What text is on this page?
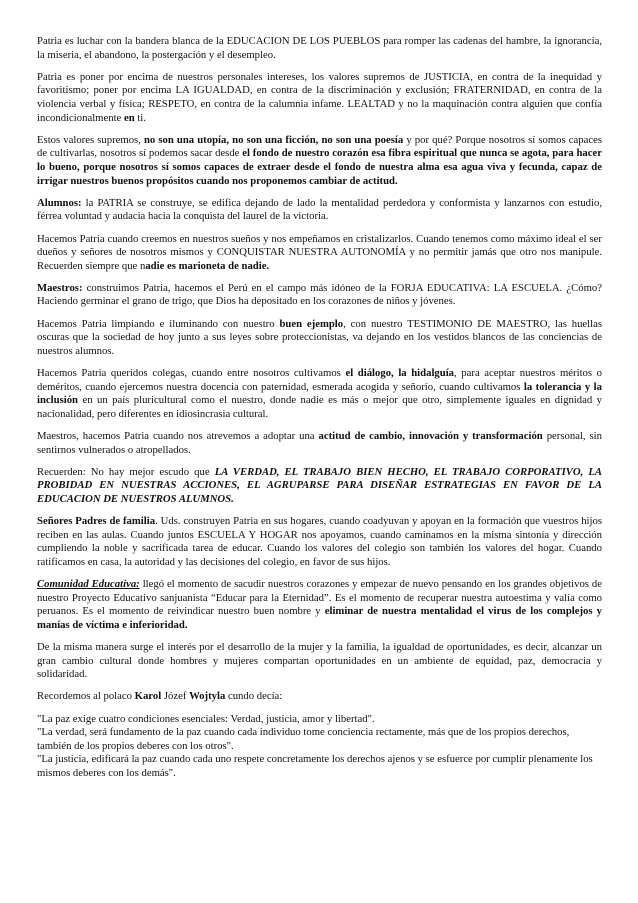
Patria es luchar con la bandera blanca de la EDUCACION DE LOS PUEBLOS para romper las cadenas del hambre, la ignorancia, la miseria, el abandono, la postergación y el desempleo.

Patria es poner por encima de nuestros personales intereses, los valores supremos de JUSTICIA, en contra de la inequidad y favoritismo; poner por encima LA IGUALDAD, en contra de la discriminación y exclusión; FRATERNIDAD, en contra de la violencia verbal y física; RESPETO, en contra de la calumnia infame. LEALTAD y no la maquinación contra alguien que confía incondicionalmente en ti.

Estos valores supremos, no son una utopía, no son una ficción, no son una poesía y por qué? Porque nosotros sí somos capaces de cultivarlas, nosotros sí podemos sacar desde el fondo de nuestro corazón esa fibra espiritual que nunca se agota, para hacer lo bueno, porque nosotros sí somos capaces de extraer desde el fondo de nuestra alma esa agua viva y fecunda, capaz de irrigar nuestros buenos propósitos cuando nos proponemos cambiar de actitud.

Alumnos: la PATRIA se construye, se edifica dejando de lado la mentalidad perdedora y conformista y lanzarnos con estudio, férrea voluntad y audacia hacia la conquista del laurel de la victoria.

Hacemos Patria cuando creemos en nuestros sueños y nos empeñamos en cristalizarlos. Cuando tenemos como máximo ideal el ser dueños y señores de nosotros mismos y CONQUISTAR NUESTRA AUTONOMÍA y no permitir jamás que otro nos manipule. Recuerden siempre que nadie es marioneta de nadie.

Maestros: construimos Patria, hacemos el Perú en el campo más idóneo de la FORJA EDUCATIVA: LA ESCUELA. ¿Cómo? Haciendo germinar el grano de trigo, que Dios ha depositado en los corazones de niños y jóvenes.

Hacemos Patria limpiando e iluminando con nuestro buen ejemplo, con nuestro TESTIMONIO DE MAESTRO, las huellas oscuras que la sociedad de hoy junto a sus leyes sobre proteccionistas, va dejando en los vestidos blancos de las conciencias de nuestros alumnos.

Hacemos Patria queridos colegas, cuando entre nosotros cultivamos el diálogo, la hidalguía, para aceptar nuestros méritos o deméritos, cuando ejercemos nuestra docencia con paternidad, esmerada acogida y señorío, cuando cultivamos la tolerancia y la inclusión en un país pluricultural como el nuestro, donde nadie es más o mejor que otro, simplemente iguales en dignidad y nacionalidad, pero diferentes en idiosincrasia cultural.

Maestros, hacemos Patria cuando nos atrevemos a adoptar una actitud de cambio, innovación y transformación personal, sin sentirnos vulnerados o atropellados.

Recuerden: No hay mejor escudo que LA VERDAD, EL TRABAJO BIEN HECHO, EL TRABAJO CORPORATIVO, LA PROBIDAD EN NUESTRAS ACCIONES, EL AGRUPARSE PARA DISEÑAR ESTRATEGIAS EN FAVOR DE LA EDUCACION DE NUESTROS ALUMNOS.

Señores Padres de familia. Uds. construyen Patria en sus hogares, cuando coadyuvan y apoyan en la formación que vuestros hijos reciben en las aulas. Cuando juntos ESCUELA Y HOGAR nos apoyamos, cuando caminamos en la misma sintonía y dirección cumpliendo la noble y sacrificada tarea de educar. Cuando los valores del colegio son también los valores del hogar. Cuando ratificamos en casa, la autoridad y las decisiones del colegio, en favor de sus hijos.

Comunidad Educativa: llegó el momento de sacudir nuestros corazones y empezar de nuevo pensando en los grandes objetivos de nuestro Proyecto Educativo sanjuanista “Educar para la Eternidad”. Es el momento de recuperar nuestra autoestima y valía como peruanos. Es el momento de reivindicar nuestro buen nombre y eliminar de nuestra mentalidad el virus de los complejos y manías de víctima e inferioridad.

De la misma manera surge el interés por el desarrollo de la mujer y la familia, la igualdad de oportunidades, es decir, alcanzar un gran cambio cultural donde hombres y mujeres compartan oportunidades en un ambiente de equidad, paz, democracia y solidaridad.

Recordemos al polaco Karol Józef Wojtyla cundo decía:

"La paz exige cuatro condiciones esenciales: Verdad, justicia, amor y libertad".

"La verdad, será fundamento de la paz cuando cada individuo tome conciencia rectamente, más que de los propios derechos, también de los propios deberes con los otros".

"La justicia, edificará la paz cuando cada uno respete concretamente los derechos ajenos y se esfuerce por cumplir plenamente los mismos deberes con los demás".
